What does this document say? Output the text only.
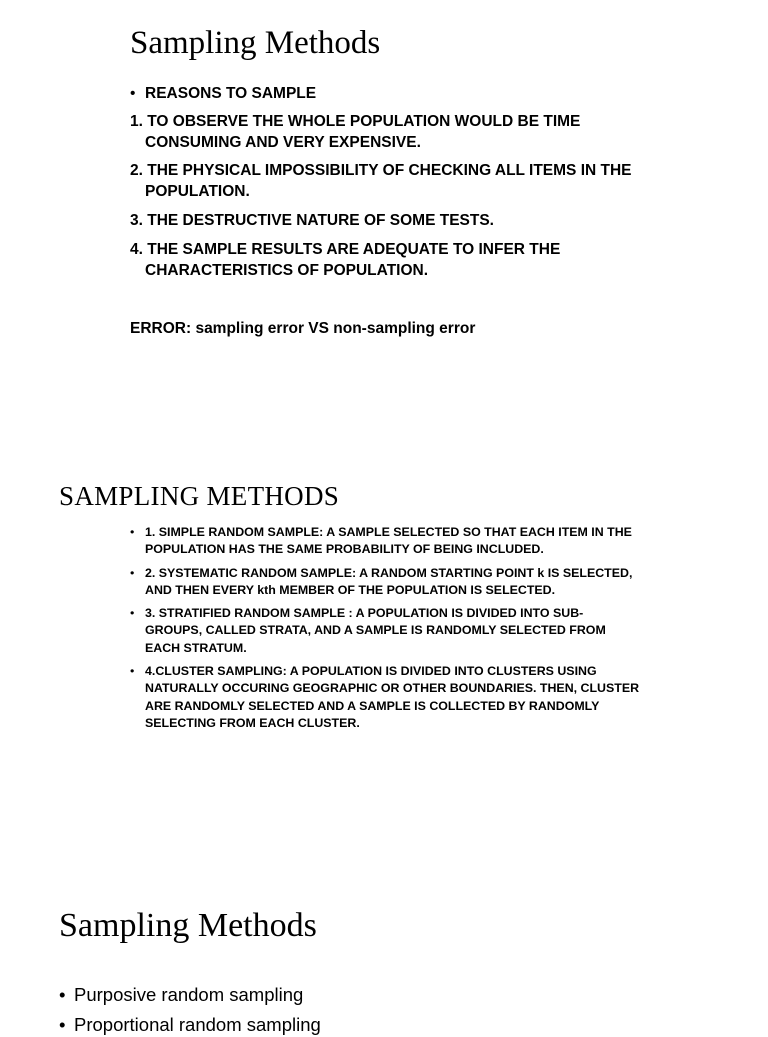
Sampling Methods
• REASONS TO SAMPLE
1. TO OBSERVE THE WHOLE POPULATION WOULD BE TIME CONSUMING AND VERY EXPENSIVE.
2. THE PHYSICAL IMPOSSIBILITY OF CHECKING ALL ITEMS IN THE POPULATION.
3. THE DESTRUCTIVE NATURE OF SOME TESTS.
4. THE SAMPLE RESULTS ARE ADEQUATE TO INFER THE CHARACTERISTICS OF POPULATION.
ERROR: sampling error VS non-sampling error
SAMPLING METHODS
• 1. SIMPLE RANDOM SAMPLE: A SAMPLE SELECTED SO THAT EACH ITEM IN THE POPULATION HAS THE SAME PROBABILITY OF BEING INCLUDED.
• 2. SYSTEMATIC RANDOM SAMPLE: A RANDOM STARTING POINT k IS SELECTED, AND THEN EVERY kth MEMBER OF THE POPULATION IS SELECTED.
• 3. STRATIFIED RANDOM SAMPLE : A POPULATION IS DIVIDED INTO SUB-GROUPS, CALLED STRATA, AND A SAMPLE IS RANDOMLY SELECTED FROM EACH STRATUM.
• 4.CLUSTER SAMPLING: A POPULATION IS DIVIDED INTO CLUSTERS USING NATURALLY OCCURING GEOGRAPHIC OR OTHER BOUNDARIES. THEN, CLUSTER ARE RANDOMLY SELECTED AND A SAMPLE IS COLLECTED BY RANDOMLY SELECTING FROM EACH CLUSTER.
Sampling Methods
• Purposive random sampling
• Proportional random sampling
